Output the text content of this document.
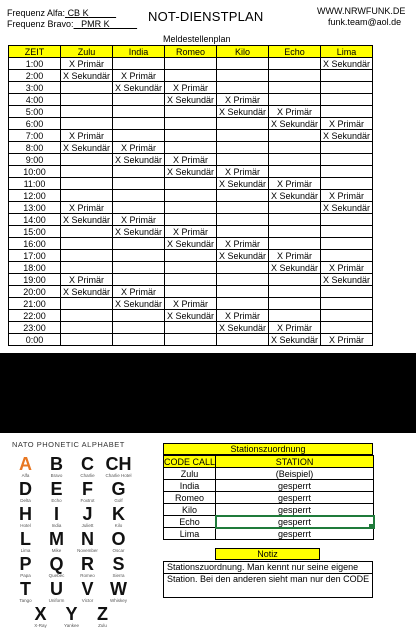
Frequenz Alfa: CB K
Frequenz Bravo: PMR K	NOT-DIENSTPLAN	WWW.NRWFUNK.DE
funk.team@aol.de
Meldestellenplan
ZEIT	Zulu	India	Romeo	Kilo	Echo	Lima
1:00	X Primär					X Sekundär
2:00	X Sekundär	X Primär				
3:00		X Sekundär	X Primär			
4:00			X Sekundär	X Primär		
5:00				X Sekundär	X Primär	
6:00					X Sekundär	X Primär
7:00	X Primär					X Sekundär
8:00	X Sekundär	X Primär				
9:00		X Sekundär	X Primär			
10:00			X Sekundär	X Primär		
11:00				X Sekundär	X Primär	
12:00					X Sekundär	X Primär
13:00	X Primär					X Sekundär
14:00	X Sekundär	X Primär				
15:00		X Sekundär	X Primär			
16:00			X Sekundär	X Primär		
17:00				X Sekundär	X Primär	
18:00					X Sekundär	X Primär
19:00	X Primär					X Sekundär
20:00	X Sekundär	X Primär				
21:00		X Sekundär	X Primär			
22:00			X Sekundär	X Primär		
23:00				X Sekundär	X Primär	
0:00					X Sekundär	X Primär
NATO PHONETIC ALPHABET
A
Alfa
B
Bravo
C
Charlie
CH
Charlie Hotel
D
Delta
E
Echo
F
Foxtrot
G
Golf
H
Hotel
I
India
J
Juliett
K
Kilo
L
Lima
M
Mike
N
November
O
Oscar
P
Papa
Q
Quebec
R
Romeo
S
Sierra
T
Tango
U
Uniform
V
Victor
W
Whiskey
X
X-Ray
Y
Yankee
Z
Zulu
Stationszuordnung
CODE CALL	STATION
Zulu	(Beispiel)
India	gesperrt
Romeo	gesperrt
Kilo	gesperrt
Echo	gesperrt
Lima	gesperrt
Notiz
Stationszuordnung. Man kennt nur seine eigene
Station. Bei den anderen sieht man nur den CODE
